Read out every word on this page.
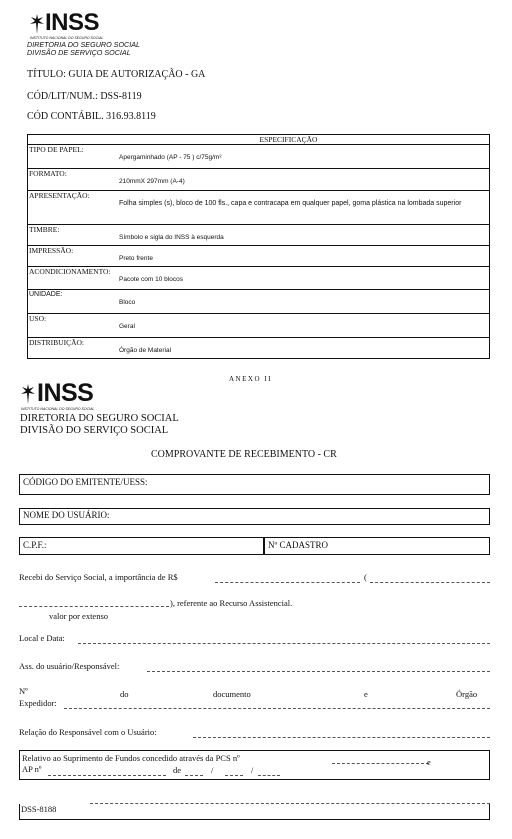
INSS
INSTITUTO NACIONAL DO SEGURO SOCIAL
DIRETORIA DO SEGURO SOCIAL
DIVISÃO DE SERVIÇO SOCIAL
TÍTULO: GUIA DE AUTORIZAÇÃO - GA
CÓD/LIT/NUM.: DSS-8119
CÓD CONTÁBIL. 316.93.8119
ESPECIFICAÇÃO

TIPO DE PAPEL:
Apergaminhado (AP - 75 ) c/75g/m²

FORMATO:
210mmX 297mm (A-4)

APRESENTAÇÃO:
Folha simples (s), bloco de 100 fls., capa e contracapa em qualquer papel, goma plástica na lombada superior

TIMBRE:
Símbolo e sigla do INSS à esquerda

IMPRESSÃO:
Preto frente

ACONDICIONAMENTO:
Pacote com 10 blocos

UNIDADE:
Bloco

USO:
Geral

DISTRIBUIÇÃO:
Órgão de Material
ANEXO II
INSS
INSTITUTO NACIONAL DO SEGURO SOCIAL
DIRETORIA DO SEGURO SOCIAL
DIVISÃO DO SERVIÇO SOCIAL
COMPROVANTE DE RECEBIMENTO - CR
CÓDIGO DO EMITENTE/UESS:
NOME DO USUÁRIO:
C.P.F.:	Nº CADASTRO
Recebi do Serviço Social, a importância de R$	(
), referente ao Recurso Assistencial.
valor por extenso
Local e Data:
Ass. do usuário/Responsável:
Nº	do	documento	e	Órgão
Expedidor:
Relação do Responsável com o Usuário:
Relativo ao Suprimento de Fundos concedido através da PCS nº	e
AP nº	de	/	/
DSS-8188
